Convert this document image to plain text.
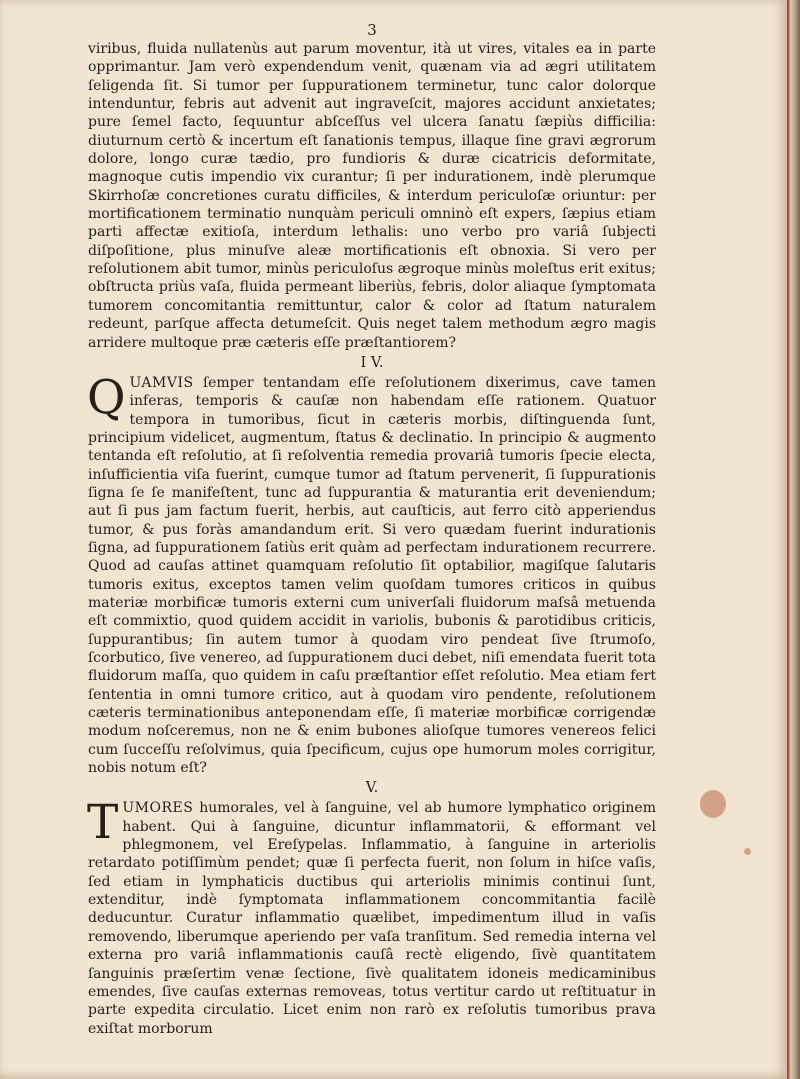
3

viribus, fluida nullatenùs aut parum moventur, ità ut vires, vitales ea in parte opprimantur. Jam verò expendendum venit, quænam via ad ægri utilitatem ſeligenda ſit. Si tumor per ſuppurationem terminetur, tunc calor dolorque intenduntur, febris aut advenit aut ingraveſcit, majores accidunt anxietates; pure ſemel facto, ſequuntur abſceſſus vel ulcera ſanatu ſæpiùs difficilia: diuturnum certò & incertum eſt ſanationis tempus, illaque ſine gravi ægrorum dolore, longo curæ tædio, pro fundioris & duræ cicatricis deformitate, magnoque cutis impendio vix curantur; ſi per indurationem, indè plerumque Skirrhoſæ concretiones curatu difficiles, & interdum periculoſæ oriuntur: per mortificationem terminatio nunquàm periculi omninò eſt expers, ſæpius etiam parti affectæ exitioſa, interdum lethalis: uno verbo pro variâ ſubjecti diſpoſitione, plus minuſve aleæ mortificationis eſt obnoxia. Si vero per reſolutionem abit tumor, minùs periculoſus ægroque minùs moleſtus erit exitus; obſtructa priùs vaſa, fluida permeant liberiùs, febris, dolor aliaque ſymptomata tumorem concomitantia remittuntur, calor & color ad ſtatum naturalem redeunt, parſque affecta detumeſcit. Quis neget talem methodum ægro magis arridere multoque præ cæteris eſſe præſtantiorem?

I V.

QUAMVIS ſemper tentandam eſſe reſolutionem dixerimus, cave tamen inferas, temporis & cauſæ non habendam eſſe rationem. Quatuor tempora in tumoribus, ſicut in cæteris morbis, diſtinguenda ſunt, principium videlicet, augmentum, ſtatus & declinatio. In principio & augmento tentanda eſt reſolutio, at ſi reſolventia remedia provariâ tumoris ſpecie electa, inſufficientia viſa fuerint, cumque tumor ad ſtatum pervenerit, ſi ſuppurationis ſigna ſe ſe manifeſtent, tunc ad ſuppurantia & maturantia erit deveniendum; aut ſi pus jam factum fuerit, herbis, aut cauſticis, aut ferro citò apperiendus tumor, & pus foràs amandandum erit. Si vero quædam fuerint indurationis ſigna, ad ſuppurationem ſatiùs erit quàm ad perfectam indurationem recurrere. Quod ad cauſas attinet quamquam reſolutio ſit optabilior, magiſque ſalutaris tumoris exitus, exceptos tamen velim quoſdam tumores criticos in quibus materiæ morbificæ tumoris externi cum univerſali fluidorum maſsâ metuenda eſt commixtio, quod quidem accidit in variolis, bubonis & parotidibus criticis, ſuppurantibus; ſin autem tumor à quodam viro pendeat ſive ſtrumoſo, ſcorbutico, ſive venereo, ad ſuppurationem duci debet, niſi emendata fuerit tota fluidorum maſſa, quo quidem in caſu præſtantior eſſet reſolutio. Mea etiam fert ſententia in omni tumore critico, aut à quodam viro pendente, reſolutionem cæteris terminationibus anteponendam eſſe, ſi materiæ morbificæ corrigendæ modum noſceremus, non ne & enim bubones alioſque tumores venereos felici cum ſucceſſu reſolvimus, quia ſpecificum, cujus ope humorum moles corrigitur, nobis notum eſt?

V.

TUMORES humorales, vel à ſanguine, vel ab humore lymphatico originem habent. Qui à ſanguine, dicuntur inflammatorii, & efformant vel phlegmonem, vel Ereſypelas. Inflammatio, à ſanguine in arteriolis retardato potiſſimùm pendet; quæ ſi perfecta fuerit, non ſolum in hiſce vaſis, ſed etiam in lymphaticis ductibus qui arteriolis minimis continui ſunt, extenditur, indè ſymptomata inflammationem concommitantia facilè deducuntur. Curatur inflammatio quælibet, impedimentum illud in vaſis removendo, liberumque aperiendo per vaſa tranſitum. Sed remedia interna vel externa pro variâ inflammationis cauſâ rectè eligendo, ſivè quantitatem ſanguinis præſertim venæ ſectione, ſivè qualitatem idoneis medicaminibus emendes, ſive cauſas externas removeas, totus vertitur cardo ut reſtituatur in parte expedita circulatio. Licet enim non rarò ex reſolutis tumoribus prava exiſtat morborum
